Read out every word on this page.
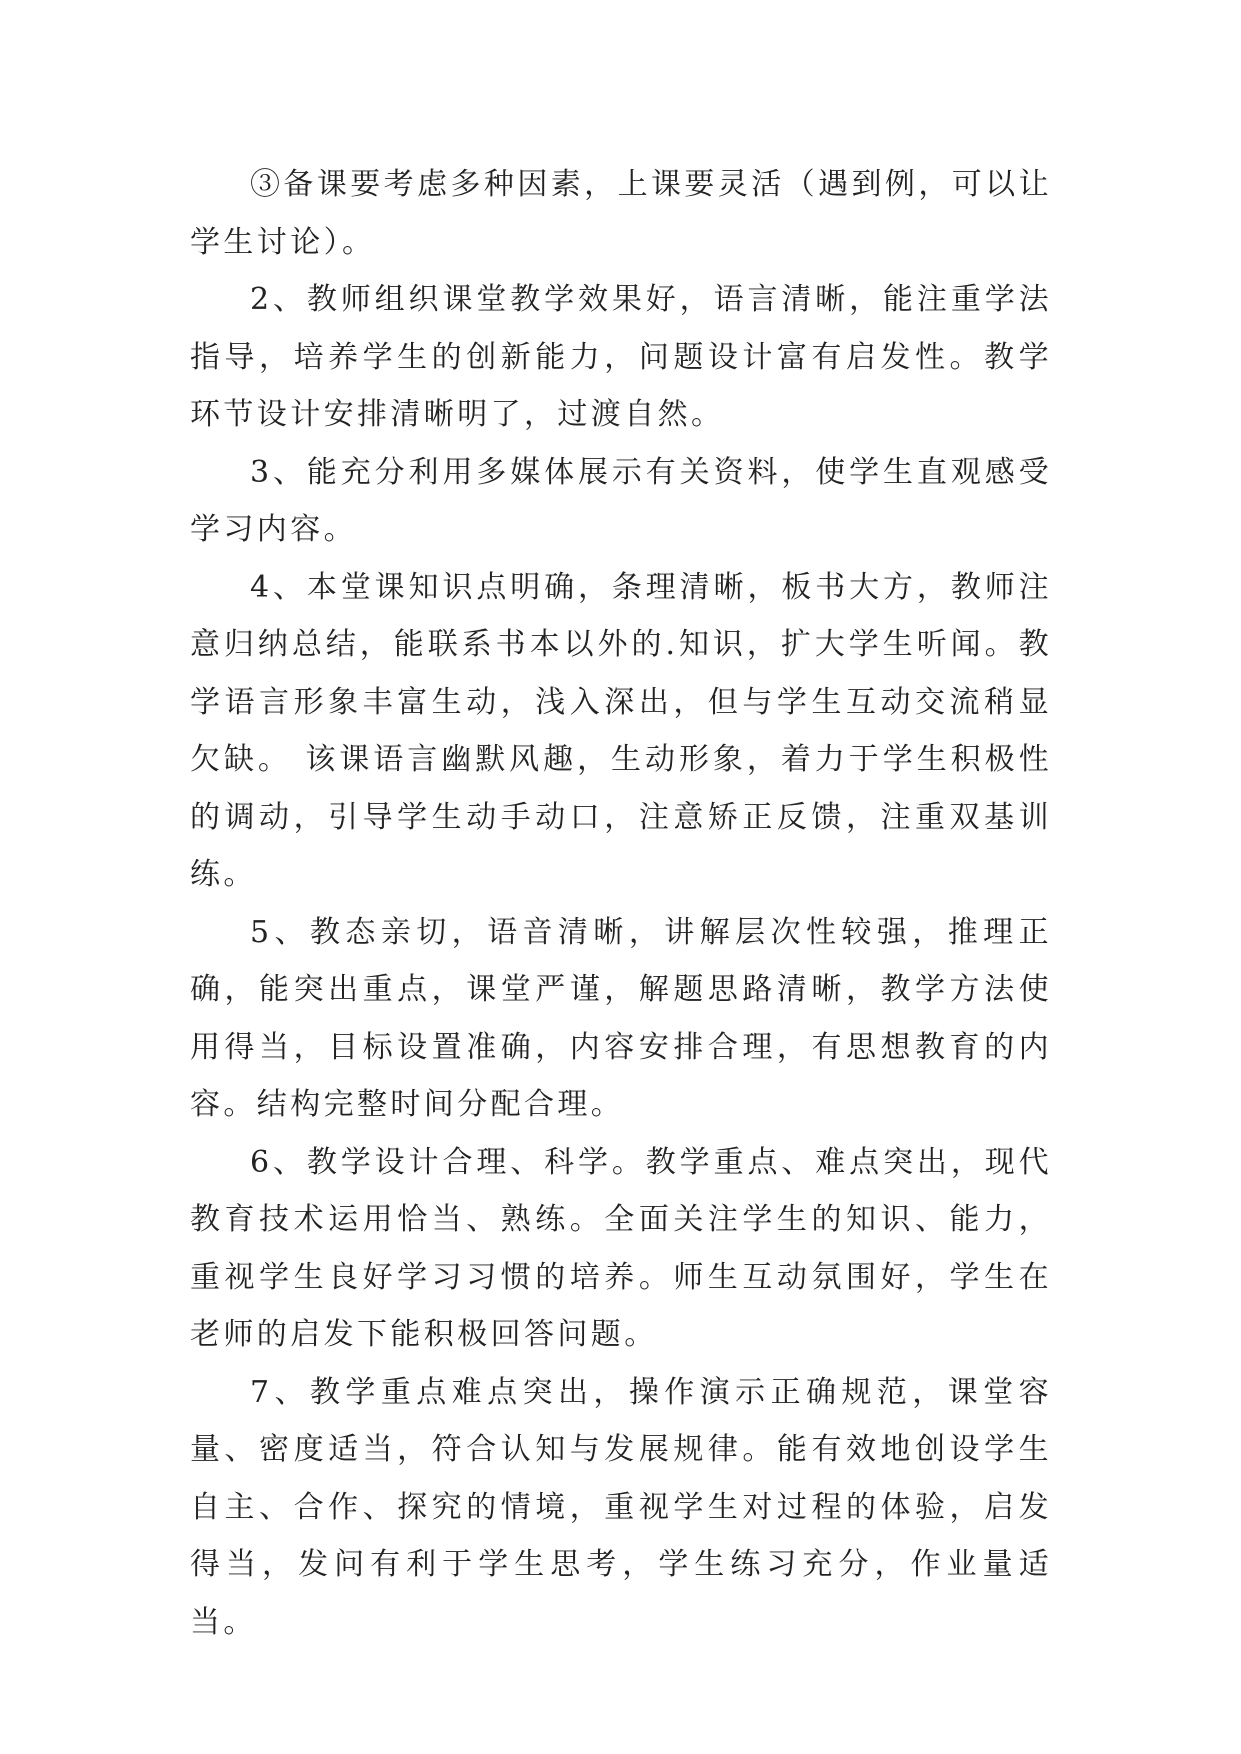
③备课要考虑多种因素，上课要灵活（遇到例，可以让学生讨论）。

2、教师组织课堂教学效果好，语言清晰，能注重学法指导，培养学生的创新能力，问题设计富有启发性。教学环节设计安排清晰明了，过渡自然。

3、能充分利用多媒体展示有关资料，使学生直观感受学习内容。

4、本堂课知识点明确，条理清晰，板书大方，教师注意归纳总结，能联系书本以外的.知识，扩大学生听闻。教学语言形象丰富生动，浅入深出，但与学生互动交流稍显欠缺。 该课语言幽默风趣，生动形象，着力于学生积极性的调动，引导学生动手动口，注意矫正反馈，注重双基训练。

5、教态亲切，语音清晰，讲解层次性较强，推理正确，能突出重点，课堂严谨，解题思路清晰，教学方法使用得当，目标设置准确，内容安排合理，有思想教育的内容。结构完整时间分配合理。

6、教学设计合理、科学。教学重点、难点突出，现代教育技术运用恰当、熟练。全面关注学生的知识、能力，重视学生良好学习习惯的培养。师生互动氛围好，学生在老师的启发下能积极回答问题。

7、教学重点难点突出，操作演示正确规范，课堂容量、密度适当，符合认知与发展规律。能有效地创设学生自主、合作、探究的情境，重视学生对过程的体验，启发得当，发问有利于学生思考，学生练习充分，作业量适当。
